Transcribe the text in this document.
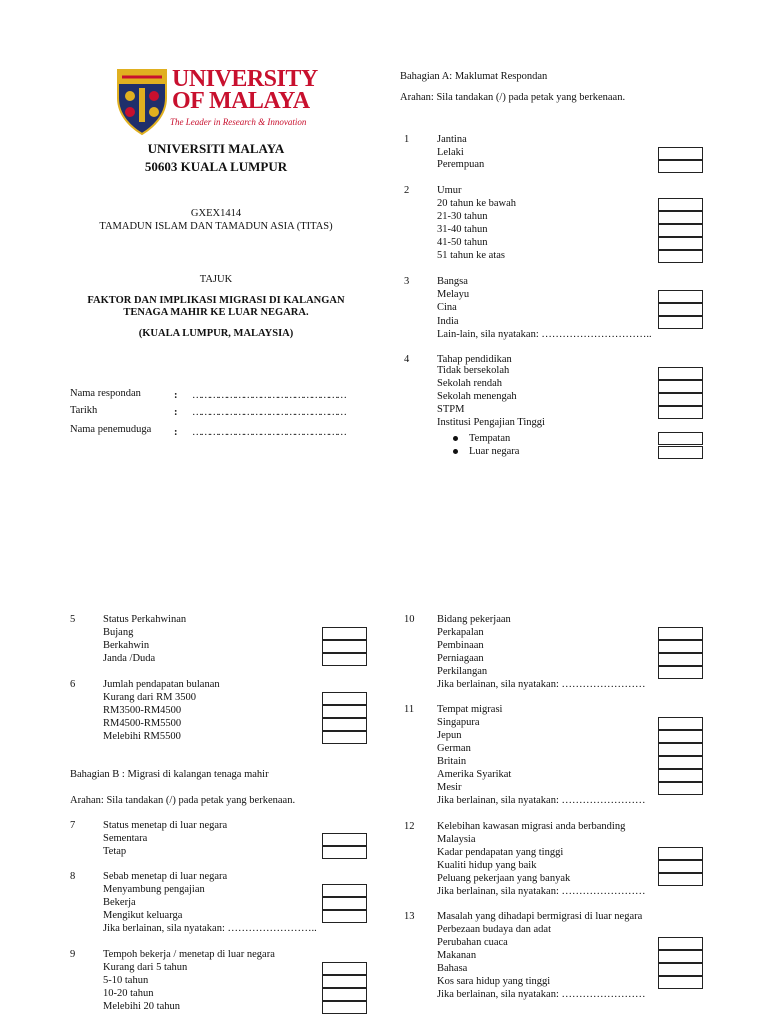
UNIVERSITY
OF MALAYA
The Leader in Research & Innovation
UNIVERSITI MALAYA
50603 KUALA LUMPUR
GXEX1414
TAMADUN ISLAM DAN TAMADUN ASIA (TITAS)
TAJUK
FAKTOR DAN IMPLIKASI MIGRASI DI KALANGAN
TENAGA MAHIR KE LUAR NEGARA.
(KUALA LUMPUR, MALAYSIA)
Nama respondan	: ………………………………………………
Tarikh	: ………………………………………………
Nama penemuduga : ………………………………………………
Bahagian A: Maklumat Respondan
Arahan: Sila tandakan (/) pada petak yang berkenaan.
1	Jantina
Lelaki
Perempuan
2	Umur
20 tahun ke bawah
21-30 tahun
31-40 tahun
41-50 tahun
51 tahun ke atas
3	Bangsa
Melayu
Cina
India
Lain-lain, sila nyatakan: …………………………..
4	Tahap pendidikan
Tidak bersekolah
Sekolah rendah
Sekolah menengah
STPM
Institusi Pengajian Tinggi
Tempatan
Luar negara
5	Status Perkahwinan
Bujang
Berkahwin
Janda /Duda
6	Jumlah pendapatan bulanan
Kurang dari RM 3500
RM3500-RM4500
RM4500-RM5500
Melebihi RM5500
Bahagian B : Migrasi di kalangan tenaga mahir
Arahan: Sila tandakan (/) pada petak yang berkenaan.
7	Status menetap di luar negara
Sementara
Tetap
8	Sebab menetap di luar negara
Menyambung pengajian
Bekerja
Mengikut keluarga
Jika berlainan, sila nyatakan: ……………………..
9	Tempoh bekerja / menetap di luar negara
Kurang dari 5 tahun
5-10 tahun
10-20 tahun
Melebihi 20 tahun
10 Bidang pekerjaan
Perkapalan
Pembinaan
Perniagaan
Perkilangan
Jika berlainan, sila nyatakan: ……………………
11 Tempat migrasi
Singapura
Jepun
German
Britain
Amerika Syarikat
Mesir
Jika berlainan, sila nyatakan: ……………………
12 Kelebihan kawasan migrasi anda berbanding
Malaysia
Kadar pendapatan yang tinggi
Kualiti hidup yang baik
Peluang pekerjaan yang banyak
Jika berlainan, sila nyatakan: ……………………
13 Masalah yang dihadapi bermigrasi di luar negara
Perbezaan budaya dan adat
Perubahan cuaca
Makanan
Bahasa
Kos sara hidup yang tinggi
Jika berlainan, sila nyatakan: ……………………
